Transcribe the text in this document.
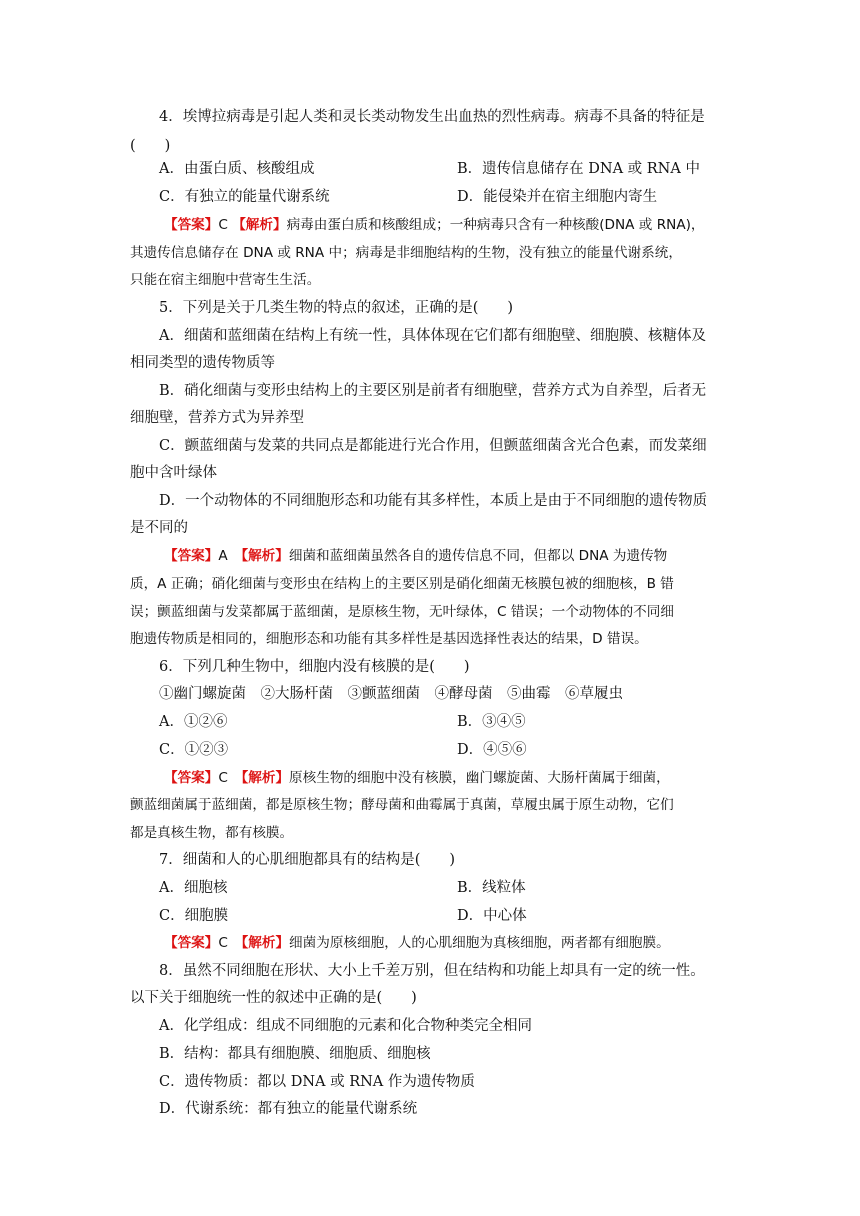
4．埃博拉病毒是引起人类和灵长类动物发生出血热的烈性病毒。病毒不具备的特征是
(　　)
A．由蛋白质、核酸组成	B．遗传信息储存在 DNA 或 RNA 中
C．有独立的能量代谢系统	D．能侵染并在宿主细胞内寄生
【答案】C 【解析】病毒由蛋白质和核酸组成；一种病毒只含有一种核酸(DNA 或 RNA)，
其遗传信息储存在 DNA 或 RNA 中；病毒是非细胞结构的生物，没有独立的能量代谢系统，
只能在宿主细胞中营寄生生活。
5．下列是关于几类生物的特点的叙述，正确的是(　　)
A．细菌和蓝细菌在结构上有统一性，具体体现在它们都有细胞壁、细胞膜、核糖体及
相同类型的遗传物质等
B．硝化细菌与变形虫结构上的主要区别是前者有细胞壁，营养方式为自养型，后者无
细胞壁，营养方式为异养型
C．颤蓝细菌与发菜的共同点是都能进行光合作用，但颤蓝细菌含光合色素，而发菜细
胞中含叶绿体
D．一个动物体的不同细胞形态和功能有其多样性，本质上是由于不同细胞的遗传物质
是不同的
【答案】A　 【解析】细菌和蓝细菌虽然各自的遗传信息不同，但都以 DNA 为遗传物
质，A 正确；硝化细菌与变形虫在结构上的主要区别是硝化细菌无核膜包被的细胞核，B 错
误；颤蓝细菌与发菜都属于蓝细菌，是原核生物，无叶绿体，C 错误；一个动物体的不同细
胞遗传物质是相同的，细胞形态和功能有其多样性是基因选择性表达的结果，D 错误。
6．下列几种生物中，细胞内没有核膜的是(　　)
①幽门螺旋菌　②大肠杆菌　③颤蓝细菌　④酵母菌　⑤曲霉　⑥草履虫
A．①②⑥	B．③④⑤
C．①②③	D．④⑤⑥
【答案】C　 【解析】原核生物的细胞中没有核膜，幽门螺旋菌、大肠杆菌属于细菌，
颤蓝细菌属于蓝细菌，都是原核生物；酵母菌和曲霉属于真菌，草履虫属于原生动物，它们
都是真核生物，都有核膜。
7．细菌和人的心肌细胞都具有的结构是(　　)
A．细胞核	B．线粒体
C．细胞膜	D．中心体
【答案】C　 【解析】细菌为原核细胞，人的心肌细胞为真核细胞，两者都有细胞膜。
8．虽然不同细胞在形状、大小上千差万别，但在结构和功能上却具有一定的统一性。
以下关于细胞统一性的叙述中正确的是(　　)
A．化学组成：组成不同细胞的元素和化合物种类完全相同
B．结构：都具有细胞膜、细胞质、细胞核
C．遗传物质：都以 DNA 或 RNA 作为遗传物质
D．代谢系统：都有独立的能量代谢系统
